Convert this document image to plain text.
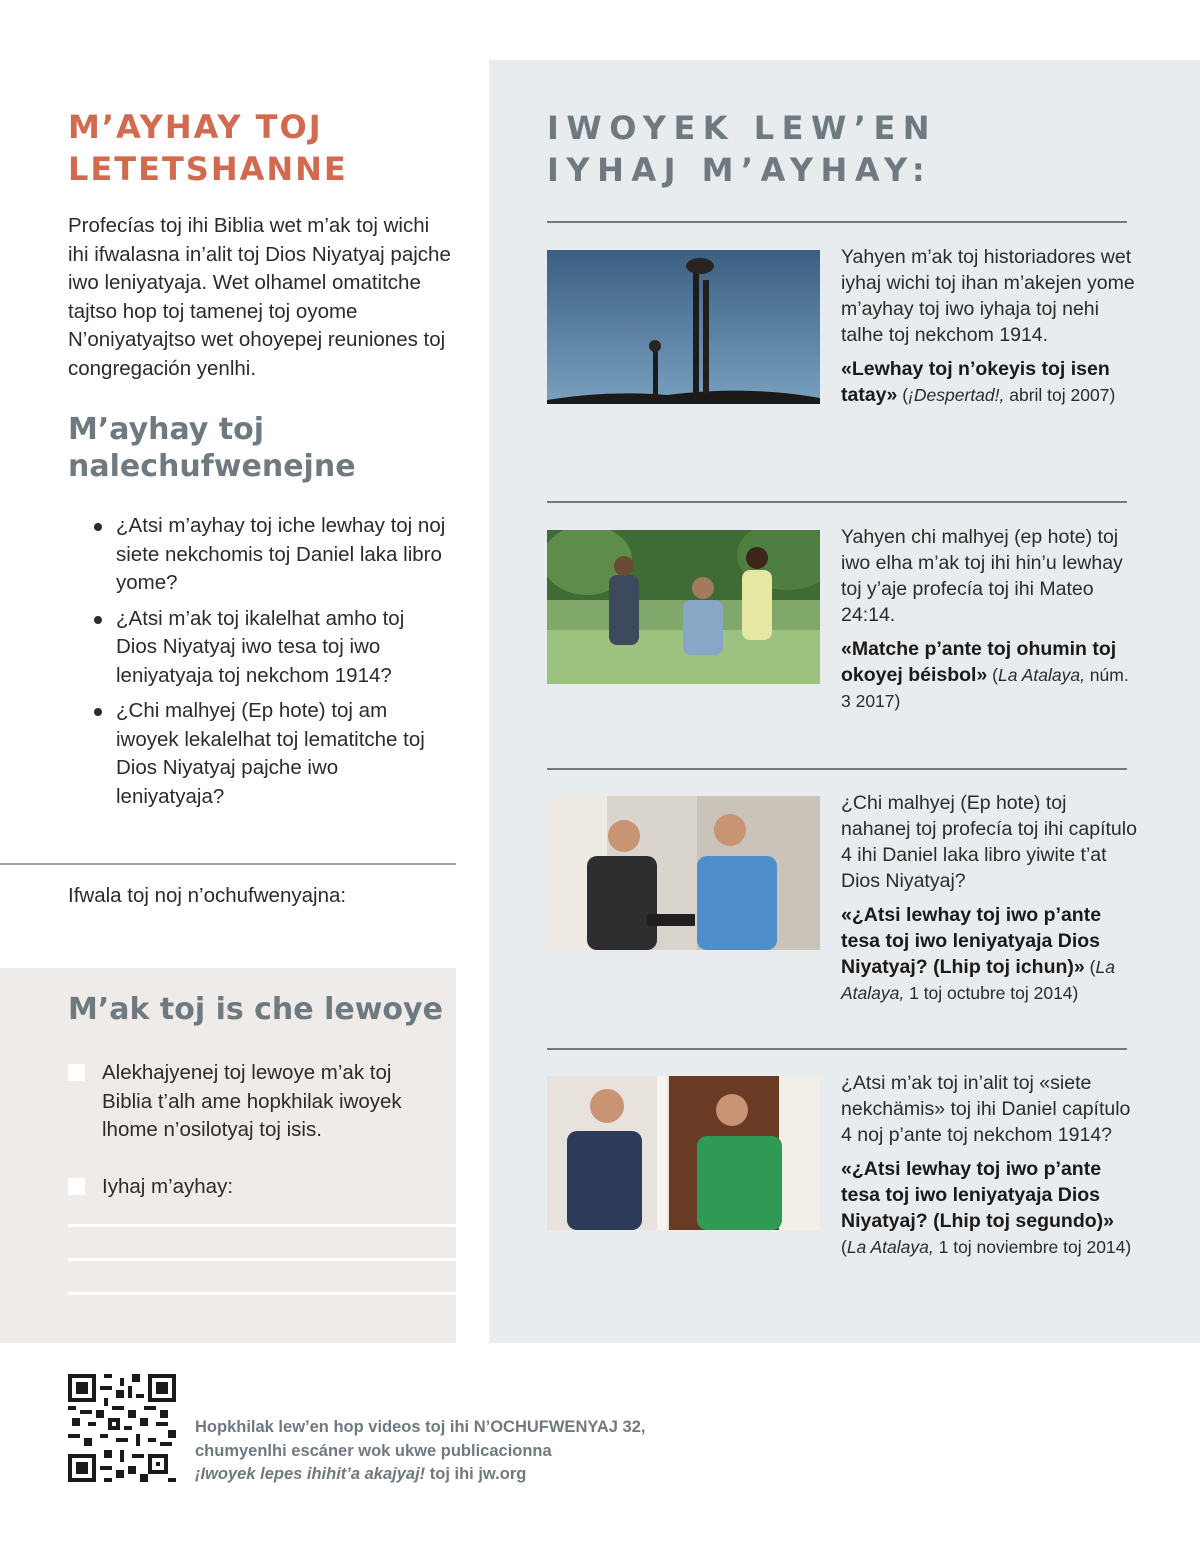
M’AYHAY TOJ
LETETSHANNE

Profecías toj ihi Biblia wet m’ak toj wichi ihi ifwalasna in’alit toj Dios Niyatyaj pajche iwo leniyatyaja. Wet olhamel omatitche tajtso hop toj tamenej toj oyome N’oniyatyajtso wet ohoyepej reuniones toj congregación yenlhi.

M’ayhay toj nalechufwenejne
¿Atsi m’ayhay toj iche lewhay toj noj siete nekchomis toj Daniel laka libro yome?
¿Atsi m’ak toj ikalelhat amho toj Dios Niyatyaj iwo tesa toj iwo leniyatyaja toj nekchom 1914?
¿Chi malhyej (Ep hote) toj am iwoyek lekalelhat toj lematitche toj Dios Niyatyaj pajche iwo leniyatyaja?
Ifwala toj noj n’ochufwenyajna:
M’ak toj is che lewoye
Alekhajyenej toj lewoye m’ak toj Biblia t’alh ame hopkhilak iwoyek lhome n’osilotyaj toj isis.
Iyhaj m’ayhay:
IWOYEK LEW’EN
IYHAJ M’AYHAY:

Yahyen m’ak toj historiadores wet iyhaj wichi toj ihan m’akejen yome m’ayhay toj iwo iyhaja toj nehi talhe toj nekchom 1914.

«Lewhay toj n’okeyis toj isen tatay» (¡Despertad!, abril toj 2007)

Yahyen chi malhyej (ep hote) toj iwo elha m’ak toj ihi hin’u lewhay toj y’aje profecía toj ihi Mateo 24:14.

«Matche p’ante toj ohumin toj okoyej béisbol» (La Atalaya, núm. 3 2017)

¿Chi malhyej (Ep hote) toj nahanej toj profecía toj ihi capítulo 4 ihi Daniel laka libro yiwite t’at Dios Niyatyaj?

«¿Atsi lewhay toj iwo p’ante tesa toj iwo leniyatyaja Dios Niyatyaj? (Lhip toj ichun)» (La Atalaya, 1 toj octubre toj 2014)

¿Atsi m’ak toj in’alit toj «siete nekchämis» toj ihi Daniel capítulo 4 noj p’ante toj nekchom 1914?

«¿Atsi lewhay toj iwo p’ante tesa toj iwo leniyatyaja Dios Niyatyaj? (Lhip toj segundo)» (La Atalaya, 1 toj noviembre toj 2014)

Hopkhilak lew’en hop videos toj ihi N’OCHUFWENYAJ 32,
chumyenlhi escáner wok ukwe publicacionna
¡Iwoyek lepes ihihit’a akajyaj! toj ihi jw.org
